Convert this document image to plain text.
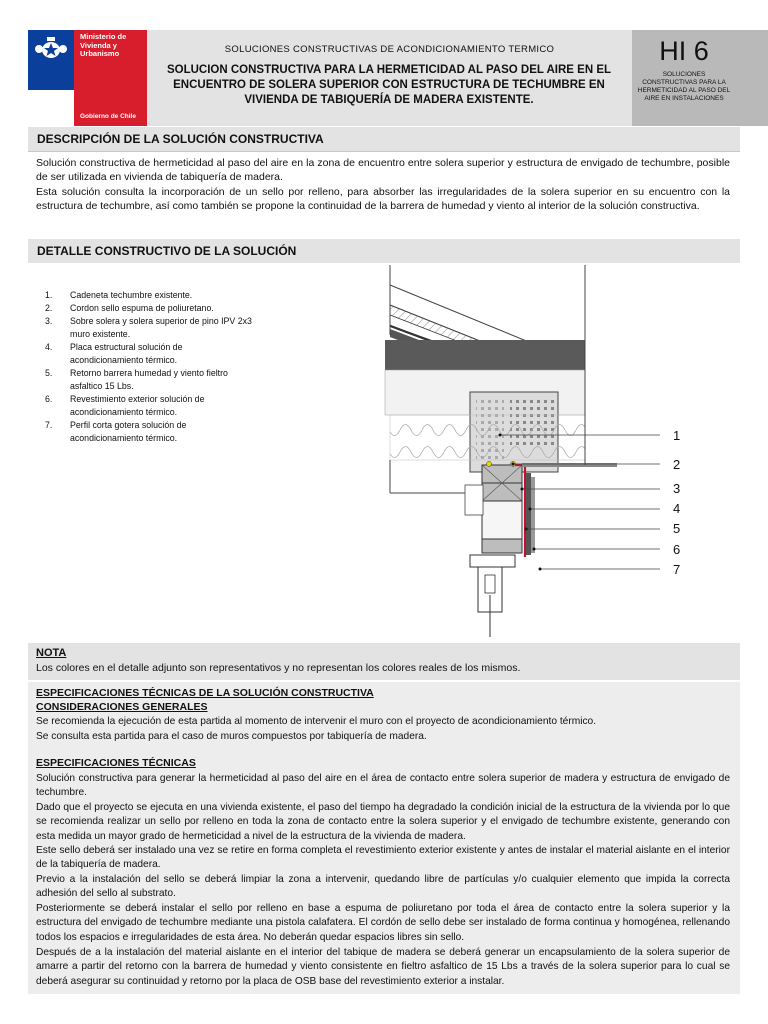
Ministerio de Vivienda y Urbanismo
Gobierno de Chile
SOLUCIONES CONSTRUCTIVAS DE ACONDICIONAMIENTO TERMICO
SOLUCION CONSTRUCTIVA PARA LA HERMETICIDAD AL PASO DEL AIRE EN EL ENCUENTRO DE SOLERA SUPERIOR CON ESTRUCTURA DE TECHUMBRE EN VIVIENDA DE TABIQUERÍA DE MADERA EXISTENTE.
HI 6
SOLUCIONES CONSTRUCTIVAS PARA LA HERMETICIDAD AL PASO DEL AIRE EN INSTALACIONES
DESCRIPCIÓN DE LA SOLUCIÓN CONSTRUCTIVA
Solución constructiva de hermeticidad al paso del aire en la zona de encuentro entre solera superior y estructura de envigado de techumbre, posible de ser utilizada en vivienda de tabiquería de madera.
Esta solución consulta la incorporación de un sello por relleno, para absorber las irregularidades de la solera superior en su encuentro con la estructura de techumbre, así como también se propone la continuidad de la barrera de humedad y viento al interior de la solución constructiva.
DETALLE CONSTRUCTIVO DE LA SOLUCIÓN
1.	Cadeneta techumbre existente.
2.	Cordon sello espuma de poliuretano.
3.	Sobre solera y solera superior de pino IPV 2x3 muro existente.
4.	Placa estructural solución de acondicionamiento térmico.
5.	Retorno barrera humedad y viento fieltro asfaltico 15 Lbs.
6.	Revestimiento exterior solución de acondicionamiento térmico.
7.	Perfil corta gotera solución de acondicionamiento térmico.	1
2
3
4
5
6
7
NOTA
Los colores en el detalle adjunto son representativos y no representan los colores reales de los mismos.
ESPECIFICACIONES TÉCNICAS DE LA SOLUCIÓN CONSTRUCTIVA
CONSIDERACIONES GENERALES
Se recomienda la ejecución de esta partida al momento de intervenir el muro con el proyecto de acondicionamiento térmico.
Se consulta esta partida para el caso de muros compuestos por tabiquería de madera.
ESPECIFICACIONES TÉCNICAS
Solución constructiva para generar la hermeticidad al paso del aire en el área de contacto entre solera superior de madera y estructura de envigado de techumbre.
Dado que el proyecto se ejecuta en una vivienda existente, el paso del tiempo ha degradado la condición inicial de la estructura de la vivienda por lo que se recomienda realizar un sello por relleno en toda la zona de contacto entre la solera superior y el envigado de techumbre existente, generando con esta medida un mayor grado de hermeticidad a nivel de la estructura de la vivienda de madera.
Este sello deberá ser instalado una vez se retire en forma completa el revestimiento exterior existente y antes de instalar el material aislante en el interior de la tabiquería de madera.
Previo a la instalación del sello se deberá limpiar la zona a intervenir, quedando libre de partículas y/o cualquier elemento que impida la correcta adhesión del sello al substrato.
Posteriormente se deberá instalar el sello por relleno en base a espuma de poliuretano por toda el área de contacto entre la solera superior y la estructura del envigado de techumbre mediante una pistola calafatera. El cordón de sello debe ser instalado de forma continua y homogénea, rellenando todos los espacios e irregularidades de esta área. No deberán quedar espacios libres sin sello.
Después de a la instalación del material aislante en el interior del tabique de madera se deberá generar un encapsulamiento de la solera superior de amarre a partir del retorno con la barrera de humedad y viento consistente en fieltro asfaltico de 15 Lbs a través de la solera superior para lo cual se deberá asegurar su continuidad y retorno por la placa de OSB base del revestimiento exterior a instalar.
